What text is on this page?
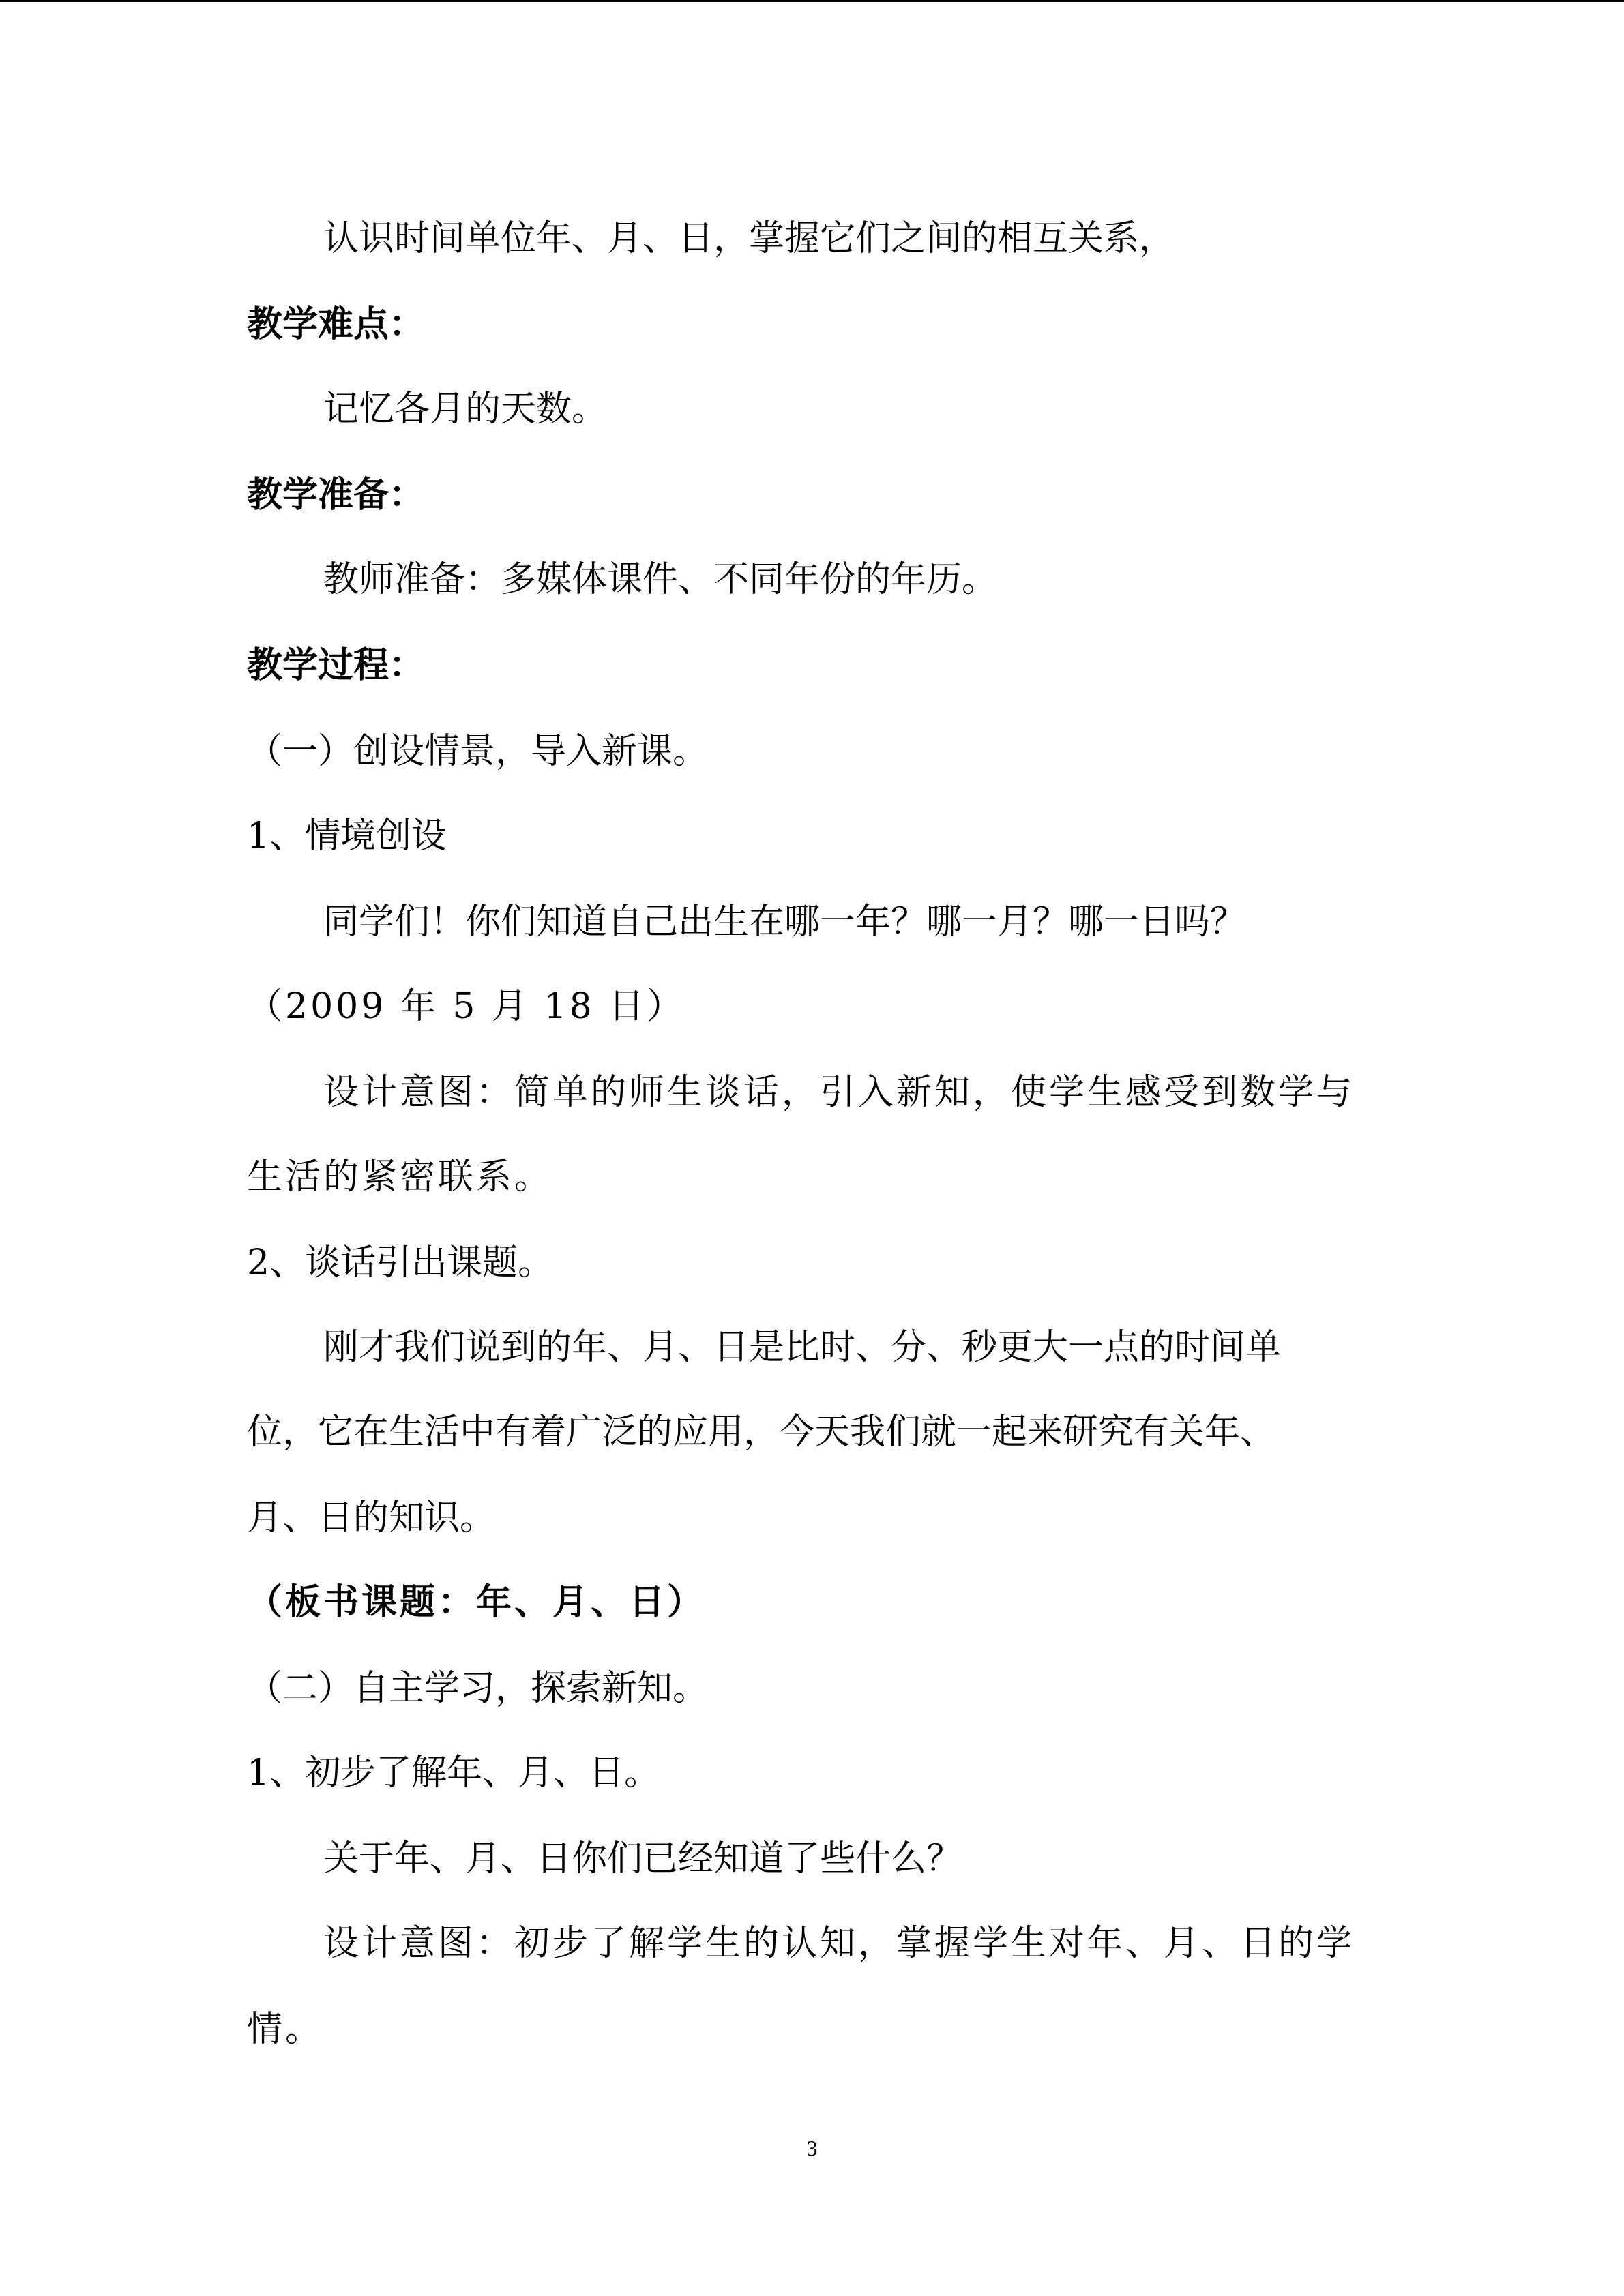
认识时间单位年、月、日，掌握它们之间的相互关系，
教学难点：
记忆各月的天数。
教学准备：
教师准备：多媒体课件、不同年份的年历。
教学过程：
（一）创设情景，导入新课。
1、情境创设
同学们！你们知道自己出生在哪一年？哪一月？哪一日吗？
（2009 年 5 月 18 日）
设计意图：简单的师生谈话，引入新知，使学生感受到数学与
生活的紧密联系。
2、谈话引出课题。
刚才我们说到的年、月、日是比时、分、秒更大一点的时间单
位，它在生活中有着广泛的应用，今天我们就一起来研究有关年、
月、日的知识。
（板书课题：年、月、日）
（二）自主学习，探索新知。
1、初步了解年、月、日。
关于年、月、日你们已经知道了些什么？
设计意图：初步了解学生的认知，掌握学生对年、月、日的学
情。
3
